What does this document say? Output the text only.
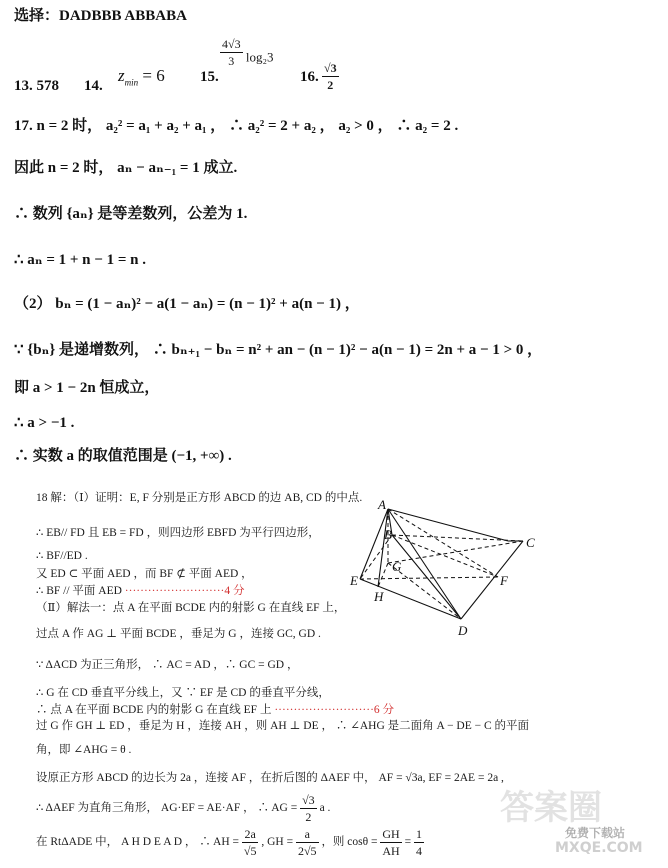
选择：DADBBB ABBABA
13. 578 14.
$z_{min} = 6$ 15.
$\frac{4√3}{3} \log_23$
16. $\frac{√3}{2}$
17. n = 2 时， a₂² = a₁ + a₂ + a₁ ， ∴ a₂² = 2 + a₂ ， a₂ > 0 ， ∴ a₂ = 2 .
因此 n = 2 时， aₙ − aₙ₋₁ = 1 成立.
∴ 数列 {aₙ} 是等差数列，公差为 1.
∴ aₙ = 1 + n − 1 = n .
（2） bₙ = (1 − aₙ)² − a(1 − aₙ) = (n − 1)² + a(n − 1) ，
∵ {bₙ} 是递增数列， ∴ bₙ₊₁ − bₙ = n² + an − (n − 1)² − a(n − 1) = 2n + a − 1 > 0 ，
即 a > 1 − 2n 恒成立，
∴ a > −1 .
∴ 实数 a 的取值范围是 (−1, +∞) .
18 解：（Ⅰ）证明：E, F 分别是正方形 ABCD 的边 AB, CD 的中点.
∴ EB// FD 且 EB = FD ，则四边形 EBFD 为平行四边形，
∴ BF//ED .
又 ED ⊂ 平面 AED ，而 BF ⊄ 平面 AED ，
∴ BF // 平面 AED ··························4 分
（Ⅱ）解法一：点 A 在平面 BCDE 内的射影 G 在直线 EF 上，
过点 A 作 AG ⊥ 平面 BCDE ，垂足为 G ，连接 GC, GD .
∵ ΔACD 为正三角形， ∴ AC = AD ，∴ GC = GD ，
∴ G 在 CD 垂直平分线上，又 ∵ EF 是 CD 的垂直平分线，
∴ 点 A 在平面 BCDE 内的射影 G 在直线 EF 上 ··························6 分
过 G 作 GH ⊥ ED ，垂足为 H ，连接 AH ，则 AH ⊥ DE ， ∴ ∠AHG 是二面角 A − DE − C 的平面
角，即 ∠AHG = θ .
设原正方形 ABCD 的边长为 2a ，连接 AF ，在折后图的 ΔAEF 中， AF = √3a, EF = 2AE = 2a ,
∴ ΔAEF 为直角三角形， AG·EF = AE·AF ， ∴ AG = $\frac{√3}{2}$ a .
在 RtΔADE 中， A H D E A D ， ∴ AH = $\frac{2a}{√5}$ , GH = $\frac{a}{2√5}$ ，则 $\cos\theta = \frac{GH}{AH} = \frac{1}{4}$
A
B
C
G
E	F
H
D
答案圈
MXQE.COM
免费下载站
